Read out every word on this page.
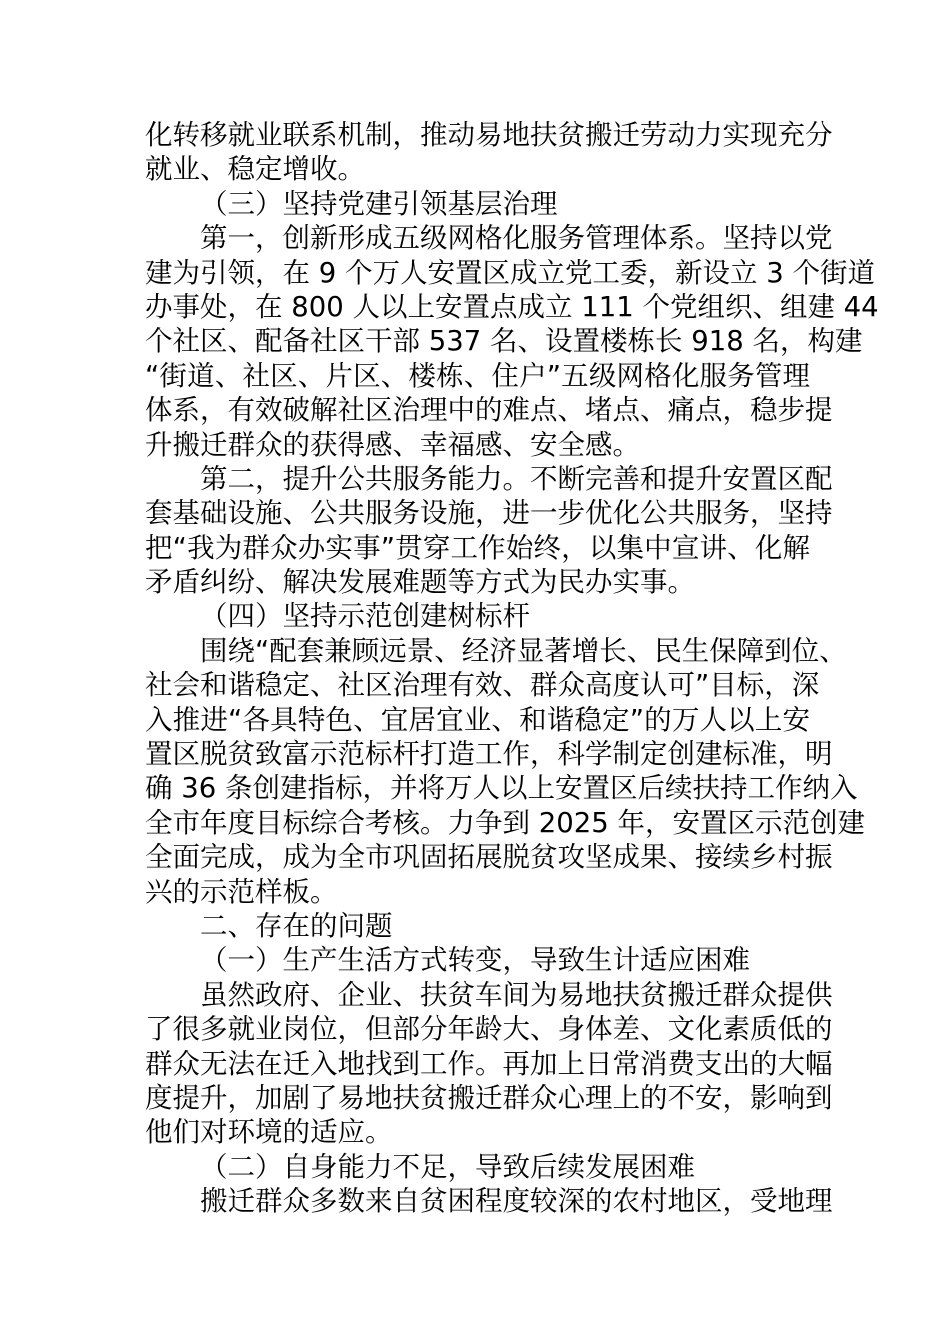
化转移就业联系机制，推动易地扶贫搬迁劳动力实现充分
就业、稳定增收。
（三）坚持党建引领基层治理
第一，创新形成五级网格化服务管理体系。坚持以党
建为引领，在 9 个万人安置区成立党工委，新设立 3 个街道
办事处，在 800 人以上安置点成立 111 个党组织、组建 44
个社区、配备社区干部 537 名、设置楼栋长 918 名，构建
“街道、社区、片区、楼栋、住户”五级网格化服务管理
体系，有效破解社区治理中的难点、堵点、痛点，稳步提
升搬迁群众的获得感、幸福感、安全感。
第二，提升公共服务能力。不断完善和提升安置区配
套基础设施、公共服务设施，进一步优化公共服务，坚持
把“我为群众办实事”贯穿工作始终，以集中宣讲、化解
矛盾纠纷、解决发展难题等方式为民办实事。
（四）坚持示范创建树标杆
围绕“配套兼顾远景、经济显著增长、民生保障到位、
社会和谐稳定、社区治理有效、群众高度认可”目标，深
入推进“各具特色、宜居宜业、和谐稳定”的万人以上安
置区脱贫致富示范标杆打造工作，科学制定创建标准，明
确 36 条创建指标，并将万人以上安置区后续扶持工作纳入
全市年度目标综合考核。力争到 2025 年，安置区示范创建
全面完成，成为全市巩固拓展脱贫攻坚成果、接续乡村振
兴的示范样板。
二、存在的问题
（一）生产生活方式转变，导致生计适应困难
虽然政府、企业、扶贫车间为易地扶贫搬迁群众提供
了很多就业岗位，但部分年龄大、身体差、文化素质低的
群众无法在迁入地找到工作。再加上日常消费支出的大幅
度提升，加剧了易地扶贫搬迁群众心理上的不安，影响到
他们对环境的适应。
（二）自身能力不足，导致后续发展困难
搬迁群众多数来自贫困程度较深的农村地区，受地理
